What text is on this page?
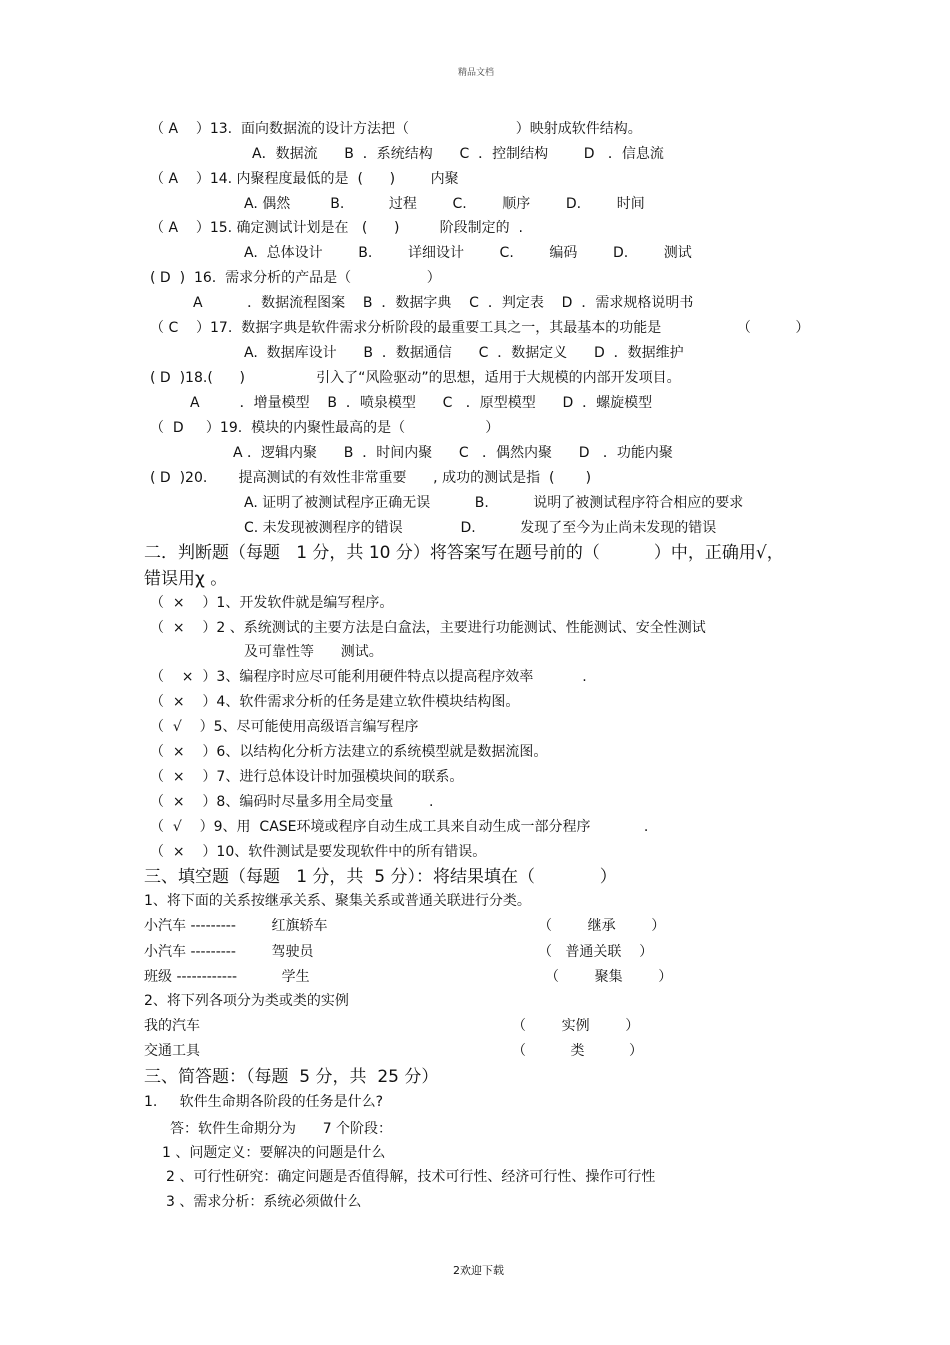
精品文档
（ A    ）13.  面向数据流的设计方法把（                        ）映射成软件结构。
A．数据流      B  ．系统结构      C  ．控制结构        D   ．信息流
（ A    ）14. 内聚程度最低的是  (      )        内聚
A. 偶然         B.          过程        C.        顺序        D.        时间
（ A    ）15. 确定测试计划是在   (      )         阶段制定的  .
A.  总体设计        B.        详细设计        C.        编码        D.        测试
( D  )  16.  需求分析的产品是（                 ）
A          ．数据流程图案    B  ．数据字典    C  ．判定表    D  ．需求规格说明书
（ C    ）17.  数据字典是软件需求分析阶段的最重要工具之一，其最基本的功能是                 （          ）
A.  数据库设计      B  ．数据通信      C  ．数据定义      D  ．数据维护
( D  )18.(      )                引入了“风险驱动”的思想，适用于大规模的内部开发项目。
A         ．增量模型    B  ．喷泉模型      C   ．原型模型      D  ．螺旋模型
（  D     ）19.  模块的内聚性最高的是（                  ）
A ．逻辑内聚      B  ．时间内聚      C   ．偶然内聚      D   ．功能内聚
( D  )20.       提高测试的有效性非常重要      , 成功的测试是指  (       )
A. 证明了被测试程序正确无误          B.          说明了被测试程序符合相应的要求
C. 未发现被测程序的错误             D.          发现了至今为止尚未发现的错误
二．判断题（每题   1 分，共 10 分）将答案写在题号前的（          ）中，正确用√，
错误用χ 。
（  ×    ）1、开发软件就是编写程序。
（  ×    ）2 、系统测试的主要方法是白盒法，主要进行功能测试、性能测试、安全性测试
及可靠性等      测试。
（    ×  ）3、编程序时应尽可能利用硬件特点以提高程序效率           .
（  ×    ）4、软件需求分析的任务是建立软件模块结构图。
（  √    ）5、尽可能使用高级语言编写程序
（  ×    ）6、以结构化分析方法建立的系统模型就是数据流图。
（  ×    ）7、进行总体设计时加强模块间的联系。
（  ×    ）8、编码时尽量多用全局变量        .
（  √    ）9、用  CASE环境或程序自动生成工具来自动生成一部分程序            .
（  ×    ）10、软件测试是要发现软件中的所有错误。
三、填空题（每题   1 分，共  5 分）：将结果填在（            ）
1、将下面的关系按继承关系、聚集关系或普通关联进行分类。
小汽车 ---------        红旗轿车	（        继承        ）
小汽车 ---------        驾驶员	（   普通关联    ）
班级 ------------          学生	（        聚集        ）
2、将下列各项分为类或类的实例
我的汽车	（        实例        ）
交通工具	（          类          ）
三、简答题：（每题  5 分，共  25 分）
1.     软件生命期各阶段的任务是什么?
答：软件生命期分为      7 个阶段：
1 、问题定义：要解决的问题是什么
2 、可行性研究：确定问题是否值得解，技术可行性、经济可行性、操作可行性
3 、需求分析：系统必须做什么
2欢迎下载
